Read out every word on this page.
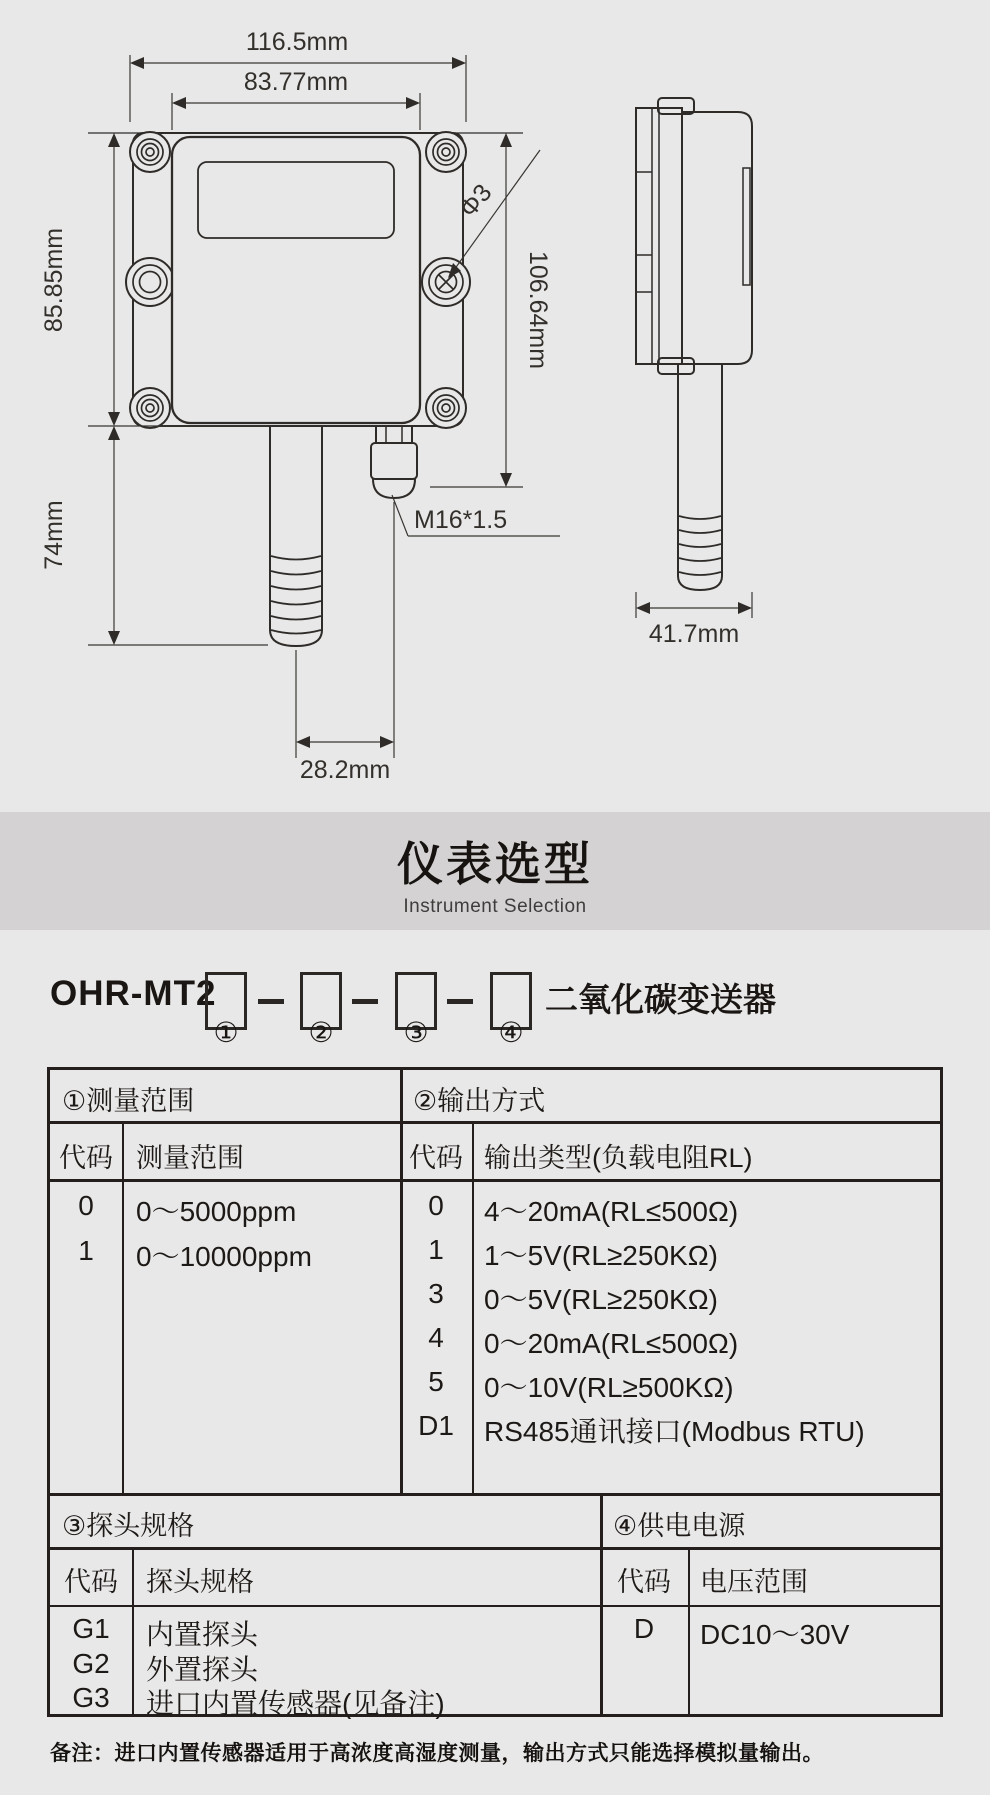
116.5mm
83.77mm
85.85mm
74mm
106.64mm
Φ3
M16*1.5
28.2mm
41.7mm
仪表选型
Instrument Selection
OHR-MT2	二氧化碳变送器
①	②	③	④
①测量范围	②输出方式
代码 测量范围	代码 输出类型(负载电阻RL)
0	0～5000ppm
1	0～10000ppm
0	4～20mA(RL≤500Ω)
1	1～5V(RL≥250KΩ)
3	0～5V(RL≥250KΩ)
4	0～20mA(RL≤500Ω)
5	0～10V(RL≥500KΩ)
D1	RS485通讯接口(Modbus RTU)
③探头规格	④供电电源
代码	探头规格	代码	电压范围
G1	内置探头
G2	外置探头
G3	进口内置传感器(见备注)
D	DC10～30V
备注：进口内置传感器适用于高浓度高湿度测量，输出方式只能选择模拟量输出。
